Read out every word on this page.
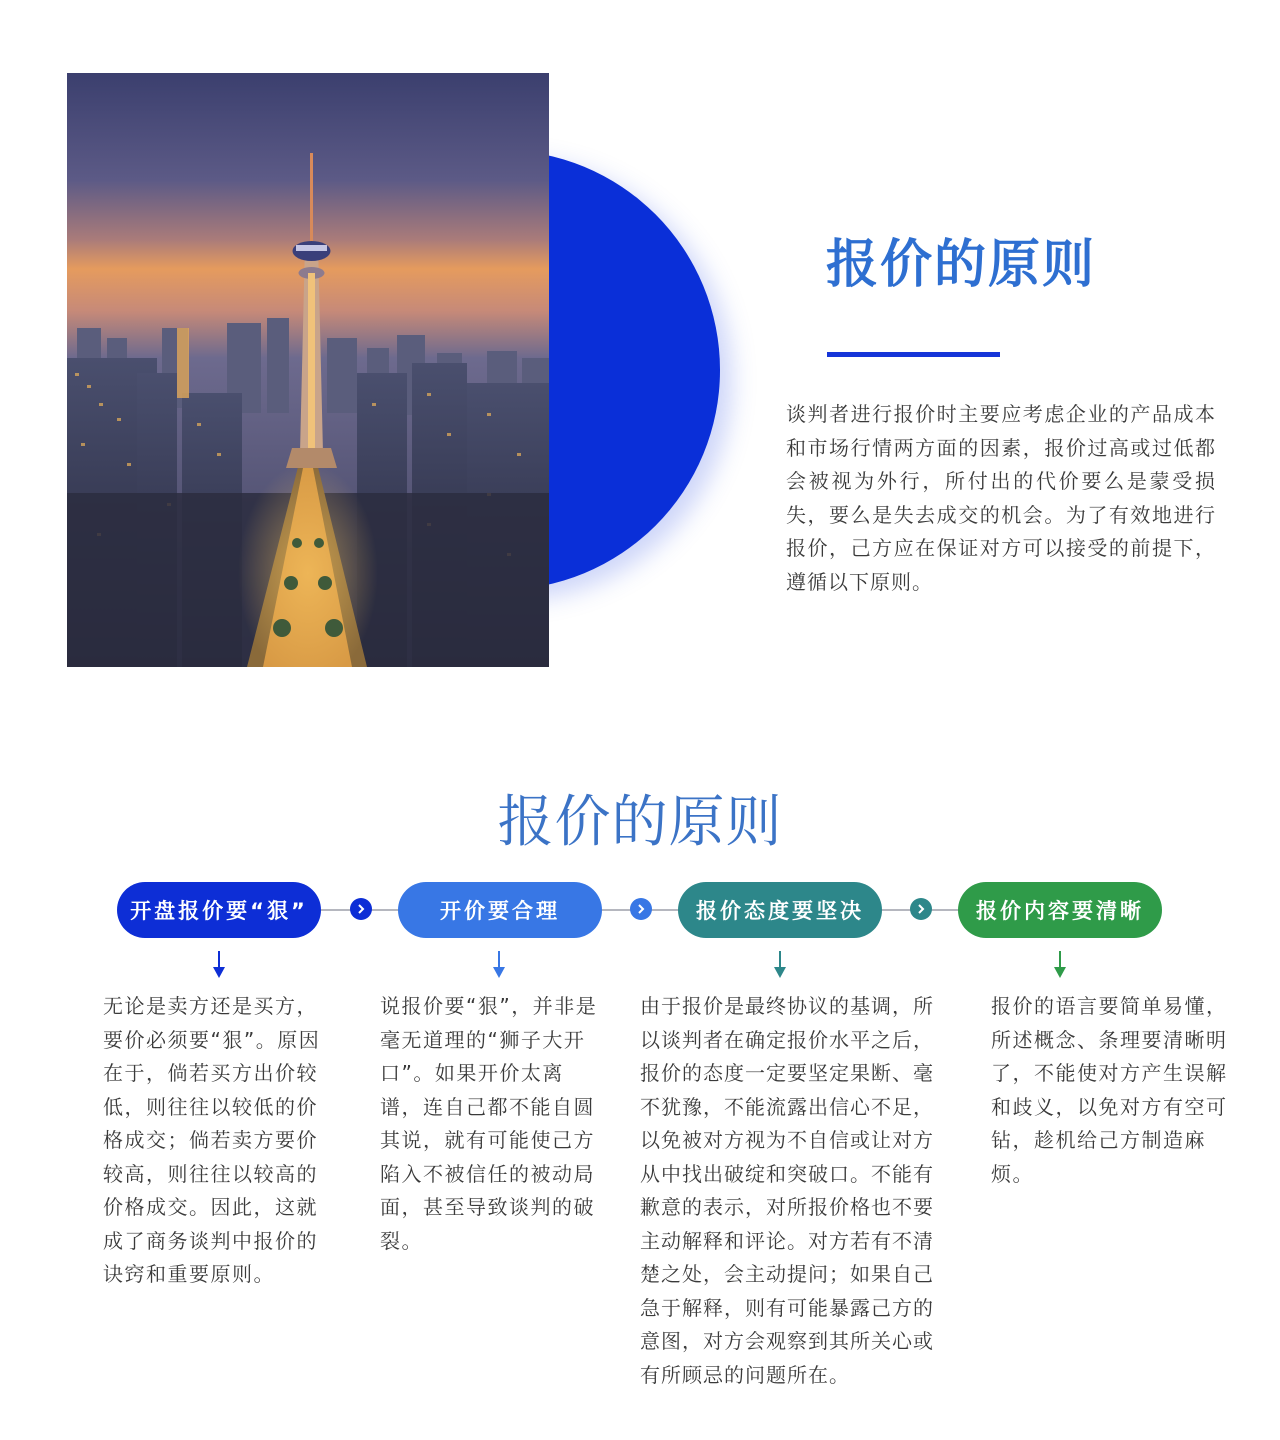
报价的原则

谈判者进行报价时主要应考虑企业的产品成本和市场行情两方面的因素，报价过高或过低都会被视为外行，所付出的代价要么是蒙受损失，要么是失去成交的机会。为了有效地进行报价，己方应在保证对方可以接受的前提下，遵循以下原则。

报价的原则
开盘报价要“狠”	开价要合理	报价态度要坚决	报价内容要清晰

无论是卖方还是买方，要价必须要“狠”。原因在于，倘若买方出价较低，则往往以较低的价格成交；倘若卖方要价较高，则往往以较高的价格成交。因此，这就成了商务谈判中报价的诀窍和重要原则。

说报价要“狠”，并非是毫无道理的“狮子大开口”。如果开价太离谱，连自己都不能自圆其说，就有可能使己方陷入不被信任的被动局面，甚至导致谈判的破裂。

由于报价是最终协议的基调，所以谈判者在确定报价水平之后，报价的态度一定要坚定果断、毫不犹豫，不能流露出信心不足，以免被对方视为不自信或让对方从中找出破绽和突破口。不能有歉意的表示，对所报价格也不要主动解释和评论。对方若有不清楚之处，会主动提问；如果自己急于解释，则有可能暴露己方的意图，对方会观察到其所关心或有所顾忌的问题所在。

报价的语言要简单易懂，所述概念、条理要清晰明了，不能使对方产生误解和歧义，以免对方有空可钻，趁机给己方制造麻烦。
